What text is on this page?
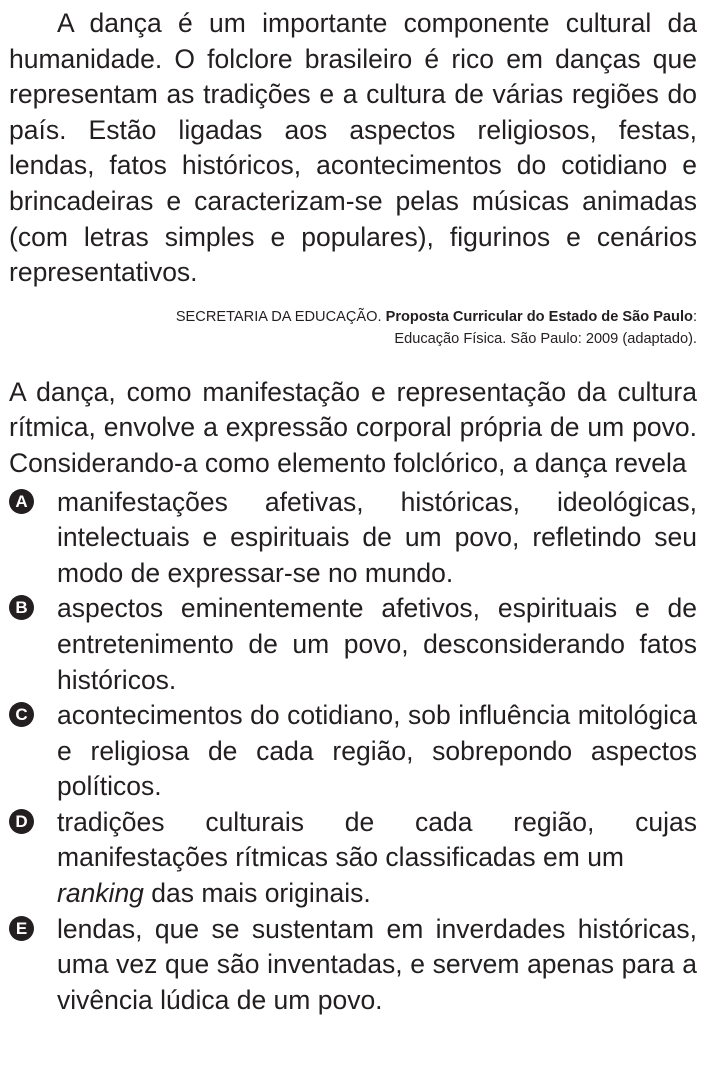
A dança é um importante componente cultural da humanidade. O folclore brasileiro é rico em danças que representam as tradições e a cultura de várias regiões do país. Estão ligadas aos aspectos religiosos, festas, lendas, fatos históricos, acontecimentos do cotidiano e brincadeiras e caracterizam-se pelas músicas animadas (com letras simples e populares), figurinos e cenários representativos.

SECRETARIA DA EDUCAÇÃO. Proposta Curricular do Estado de São Paulo:
Educação Física. São Paulo: 2009 (adaptado).
A dança, como manifestação e representação da cultura rítmica, envolve a expressão corporal própria de um povo. Considerando-a como elemento folclórico, a dança revela
A manifestações afetivas, históricas, ideológicas, intelectuais e espirituais de um povo, refletindo seu modo de expressar-se no mundo.
B aspectos eminentemente afetivos, espirituais e de entretenimento de um povo, desconsiderando fatos históricos.
C acontecimentos do cotidiano, sob influência mitológica e religiosa de cada região, sobrepondo aspectos políticos.
D tradições culturais de cada região, cujas manifestações rítmicas são classificadas em um
ranking das mais originais.
E lendas, que se sustentam em inverdades históricas, uma vez que são inventadas, e servem apenas para a vivência lúdica de um povo.
